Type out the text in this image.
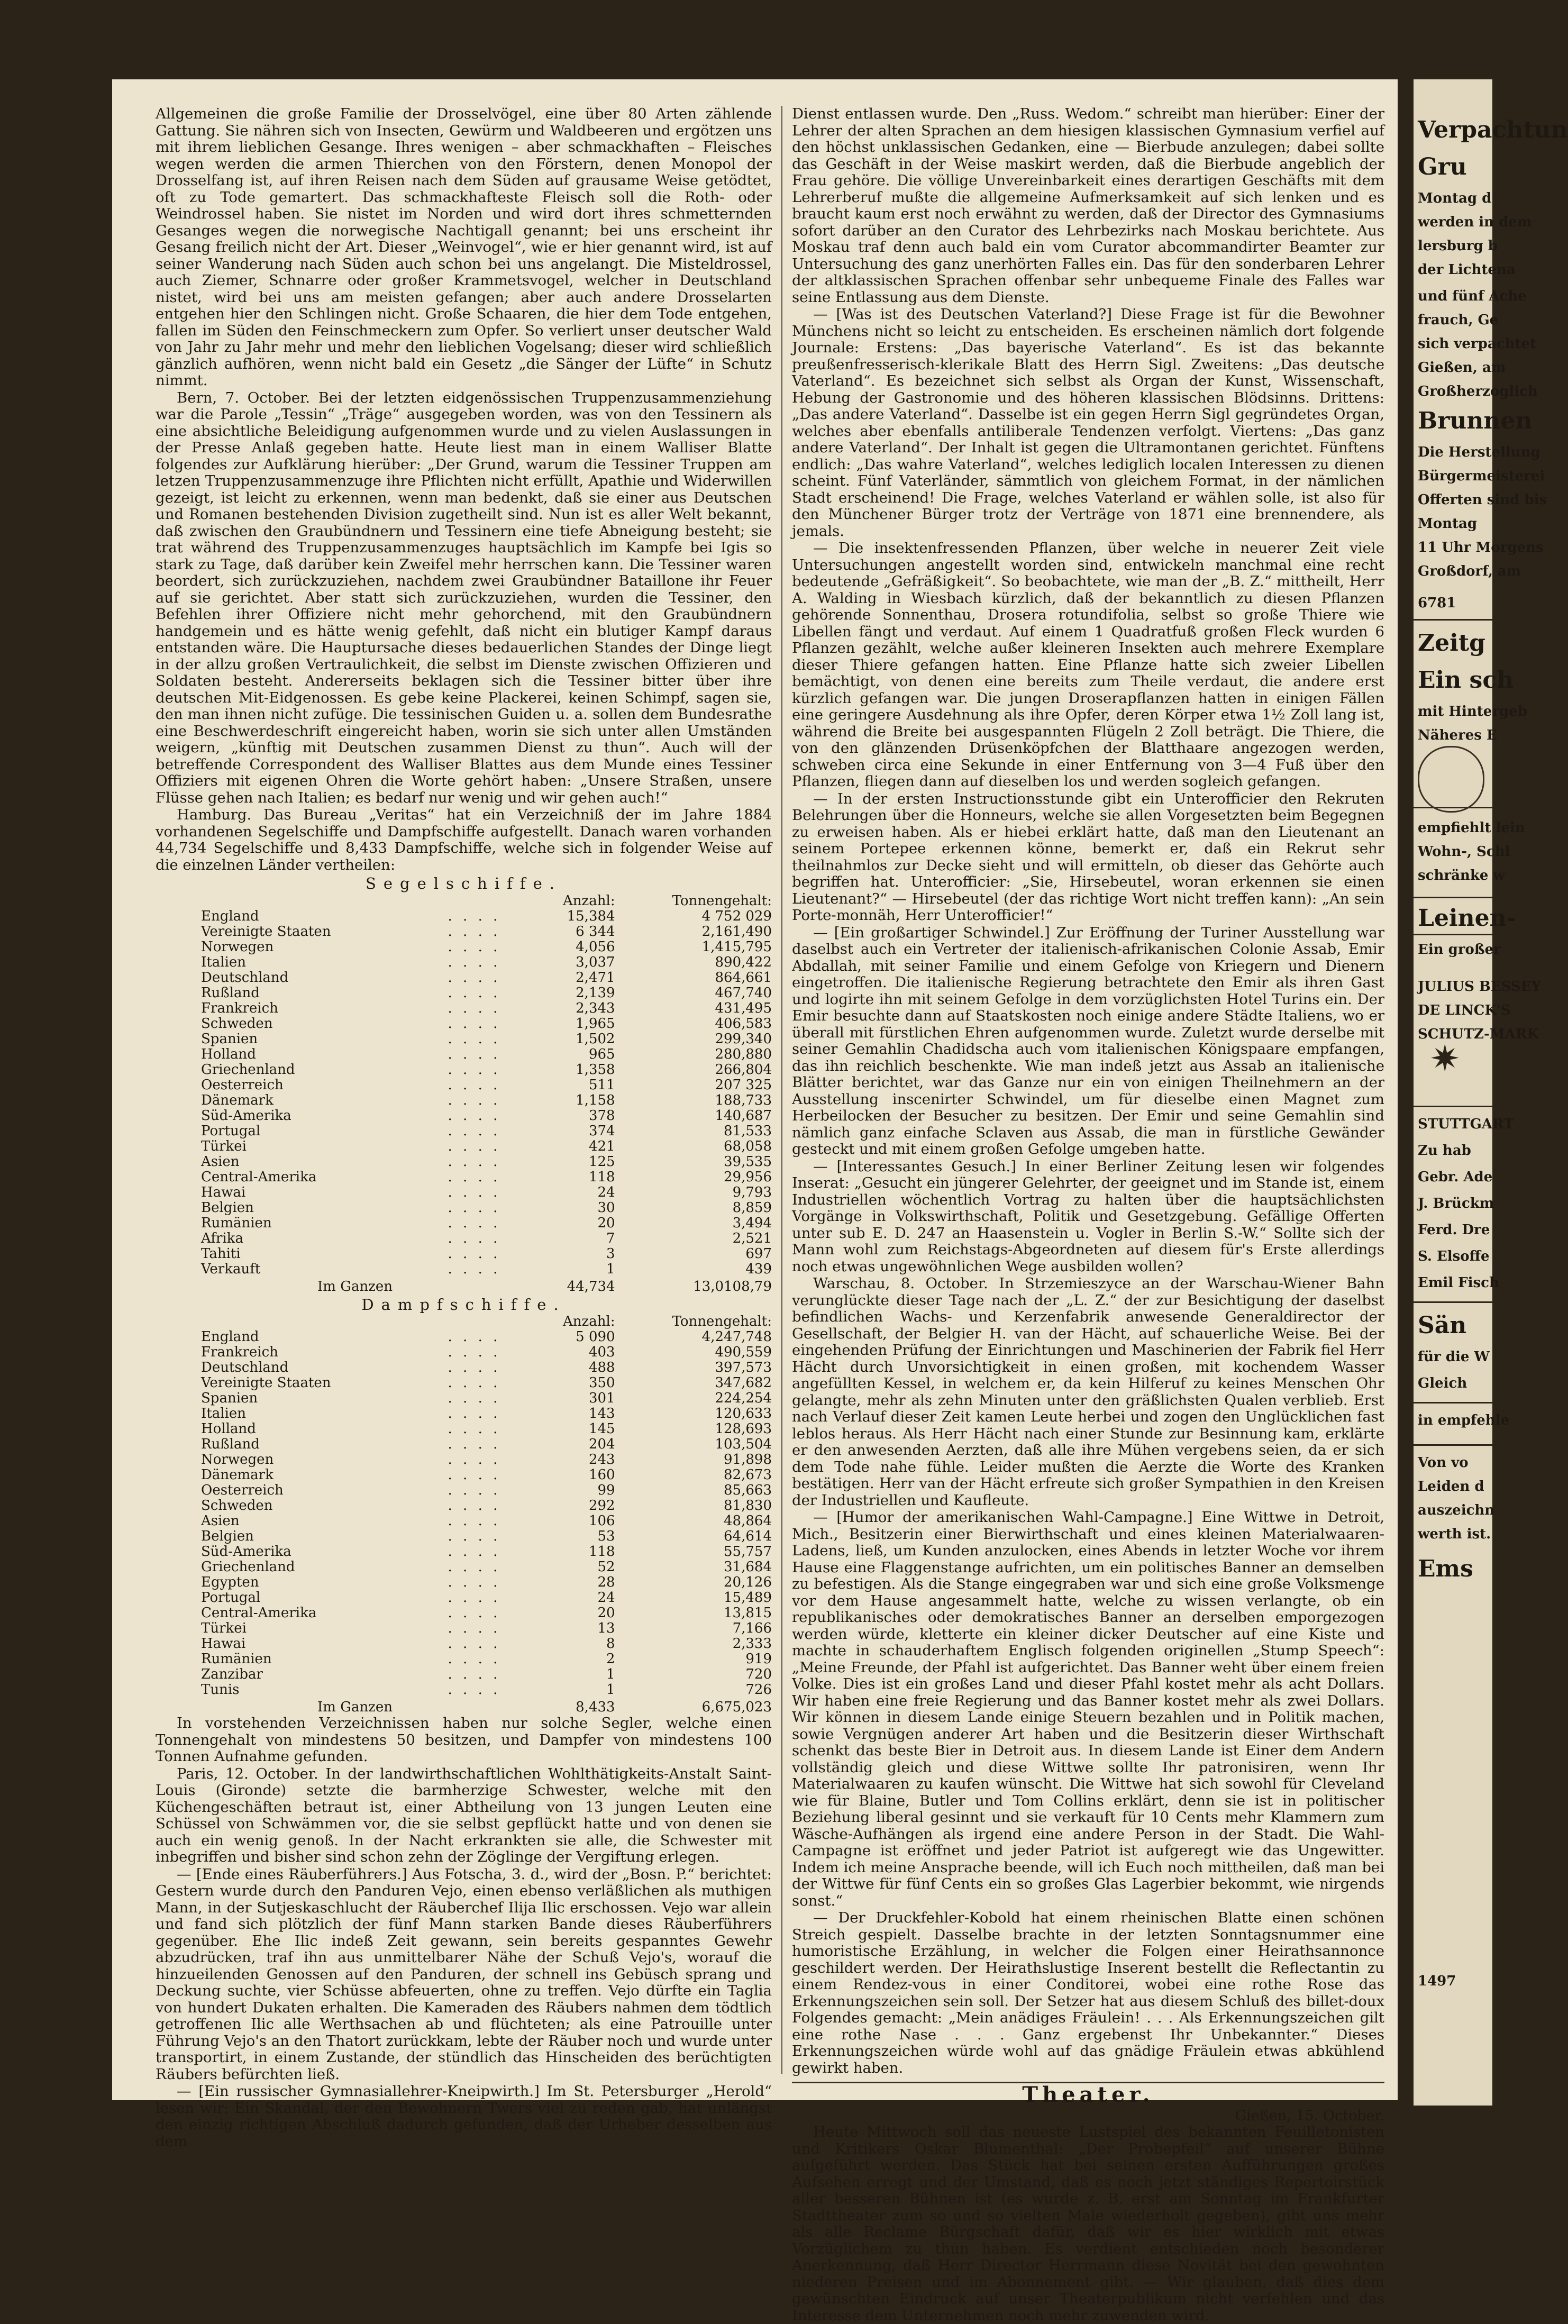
Allgemeinen die große Familie der Drosselvögel, eine über 80 Arten zählende Gattung. Sie nähren sich von Insecten, Gewürm und Waldbeeren und ergötzen uns mit ihrem lieblichen Gesange. Ihres wenigen – aber schmackhaften – Fleisches wegen werden die armen Thierchen von den Förstern, denen Monopol der Drosselfang ist, auf ihren Reisen nach dem Süden auf grausame Weise getödtet, oft zu Tode gemartert. Das schmackhafteste Fleisch soll die Roth- oder Weindrossel haben. Sie nistet im Norden und wird dort ihres schmetternden Gesanges wegen die norwegische Nachtigall genannt; bei uns erscheint ihr Gesang freilich nicht der Art. Dieser „Weinvogel“, wie er hier genannt wird, ist auf seiner Wanderung nach Süden auch schon bei uns angelangt. Die Misteldrossel, auch Ziemer, Schnarre oder großer Krammetsvogel, welcher in Deutschland nistet, wird bei uns am meisten gefangen; aber auch andere Drosselarten entgehen hier den Schlingen nicht. Große Schaaren, die hier dem Tode entgehen, fallen im Süden den Feinschmeckern zum Opfer. So verliert unser deutscher Wald von Jahr zu Jahr mehr und mehr den lieblichen Vogelsang; dieser wird schließlich gänzlich aufhören, wenn nicht bald ein Gesetz „die Sänger der Lüfte“ in Schutz nimmt.

Bern, 7. October. Bei der letzten eidgenössischen Truppenzusammenziehung war die Parole „Tessin“ „Träge“ ausgegeben worden, was von den Tessinern als eine absichtliche Beleidigung aufgenommen wurde und zu vielen Auslassungen in der Presse Anlaß gegeben hatte. Heute liest man in einem Walliser Blatte folgendes zur Aufklärung hierüber: „Der Grund, warum die Tessiner Truppen am letzen Truppenzusammenzuge ihre Pflichten nicht erfüllt, Apathie und Widerwillen gezeigt, ist leicht zu erkennen, wenn man bedenkt, daß sie einer aus Deutschen und Romanen bestehenden Division zugetheilt sind. Nun ist es aller Welt bekannt, daß zwischen den Graubündnern und Tessinern eine tiefe Abneigung besteht; sie trat während des Truppenzusammenzuges hauptsächlich im Kampfe bei Igis so stark zu Tage, daß darüber kein Zweifel mehr herrschen kann. Die Tessiner waren beordert, sich zurückzuziehen, nachdem zwei Graubündner Bataillone ihr Feuer auf sie gerichtet. Aber statt sich zurückzuziehen, wurden die Tessiner, den Befehlen ihrer Offiziere nicht mehr gehorchend, mit den Graubündnern handgemein und es hätte wenig gefehlt, daß nicht ein blutiger Kampf daraus entstanden wäre. Die Hauptursache dieses bedauerlichen Standes der Dinge liegt in der allzu großen Vertraulichkeit, die selbst im Dienste zwischen Offizieren und Soldaten besteht. Andererseits beklagen sich die Tessiner bitter über ihre deutschen Mit-Eidgenossen. Es gebe keine Plackerei, keinen Schimpf, sagen sie, den man ihnen nicht zufüge. Die tessinischen Guiden u. a. sollen dem Bundesrathe eine Beschwerdeschrift eingereicht haben, worin sie sich unter allen Umständen weigern, „künftig mit Deutschen zusammen Dienst zu thun“. Auch will der betreffende Correspondent des Walliser Blattes aus dem Munde eines Tessiner Offiziers mit eigenen Ohren die Worte gehört haben: „Unsere Straßen, unsere Flüsse gehen nach Italien; es bedarf nur wenig und wir gehen auch!“

Hamburg. Das Bureau „Veritas“ hat ein Verzeichniß der im Jahre 1884 vorhandenen Segelschiffe und Dampfschiffe aufgestellt. Danach waren vorhanden 44,734 Segelschiffe und 8,433 Dampfschiffe, welche sich in folgender Weise auf die einzelnen Länder vertheilen:

Segelschiffe.
		Anzahl:	Tonnengehalt:
England	. . . .	15,384	4 752 029
Vereinigte Staaten	. . . .	6 344	2,161,490
Norwegen	. . . .	4,056	1,415,795
Italien	. . . .	3,037	890,422
Deutschland	. . . .	2,471	864,661
Rußland	. . . .	2,139	467,740
Frankreich	. . . .	2,343	431,495
Schweden	. . . .	1,965	406,583
Spanien	. . . .	1,502	299,340
Holland	. . . .	965	280,880
Griechenland	. . . .	1,358	266,804
Oesterreich	. . . .	511	207 325
Dänemark	. . . .	1,158	188,733
Süd-Amerika	. . . .	378	140,687
Portugal	. . . .	374	81,533
Türkei	. . . .	421	68,058
Asien	. . . .	125	39,535
Central-Amerika	. . . .	118	29,956
Hawai	. . . .	24	9,793
Belgien	. . . .	30	8,859
Rumänien	. . . .	20	3,494
Afrika	. . . .	7	2,521
Tahiti	. . . .	3	697
Verkauft	. . . .	1	439
Im Ganzen		44,734	13,0108,79
Dampfschiffe.
		Anzahl:	Tonnengehalt:
England	. . . .	5 090	4,247,748
Frankreich	. . . .	403	490,559
Deutschland	. . . .	488	397,573
Vereinigte Staaten	. . . .	350	347,682
Spanien	. . . .	301	224,254
Italien	. . . .	143	120,633
Holland	. . . .	145	128,693
Rußland	. . . .	204	103,504
Norwegen	. . . .	243	91,898
Dänemark	. . . .	160	82,673
Oesterreich	. . . .	99	85,663
Schweden	. . . .	292	81,830
Asien	. . . .	106	48,864
Belgien	. . . .	53	64,614
Süd-Amerika	. . . .	118	55,757
Griechenland	. . . .	52	31,684
Egypten	. . . .	28	20,126
Portugal	. . . .	24	15,489
Central-Amerika	. . . .	20	13,815
Türkei	. . . .	13	7,166
Hawai	. . . .	8	2,333
Rumänien	. . . .	2	919
Zanzibar	. . . .	1	720
Tunis	. . . .	1	726
Im Ganzen		8,433	6,675,023

In vorstehenden Verzeichnissen haben nur solche Segler, welche einen Tonnengehalt von mindestens 50 besitzen, und Dampfer von mindestens 100 Tonnen Aufnahme gefunden.

Paris, 12. October. In der landwirthschaftlichen Wohlthätigkeits-Anstalt Saint-Louis (Gironde) setzte die barmherzige Schwester, welche mit den Küchengeschäften betraut ist, einer Abtheilung von 13 jungen Leuten eine Schüssel von Schwämmen vor, die sie selbst gepflückt hatte und von denen sie auch ein wenig genoß. In der Nacht erkrankten sie alle, die Schwester mit inbegriffen und bisher sind schon zehn der Zöglinge der Vergiftung erlegen.

— [Ende eines Räuberführers.] Aus Fotscha, 3. d., wird der „Bosn. P.“ berichtet: Gestern wurde durch den Panduren Vejo, einen ebenso verläßlichen als muthigen Mann, in der Sutjeskaschlucht der Räuberchef Ilija Ilic erschossen. Vejo war allein und fand sich plötzlich der fünf Mann starken Bande dieses Räuberführers gegenüber. Ehe Ilic indeß Zeit gewann, sein bereits gespanntes Gewehr abzudrücken, traf ihn aus unmittelbarer Nähe der Schuß Vejo's, worauf die hinzueilenden Genossen auf den Panduren, der schnell ins Gebüsch sprang und Deckung suchte, vier Schüsse abfeuerten, ohne zu treffen. Vejo dürfte ein Taglia von hundert Dukaten erhalten. Die Kameraden des Räubers nahmen dem tödtlich getroffenen Ilic alle Werthsachen ab und flüchteten; als eine Patrouille unter Führung Vejo's an den Thatort zurückkam, lebte der Räuber noch und wurde unter transportirt, in einem Zustande, der stündlich das Hinscheiden des berüchtigten Räubers befürchten ließ.

— [Ein russischer Gymnasiallehrer-Kneipwirth.] Im St. Petersburger „Herold“ lesen wir: Ein Skandal, der den Bewohnern Twers viel zu reden gab, hat unlängst den einzig richtigen Abschluß dadurch gefunden, daß der Urheber desselben aus dem

Dienst entlassen wurde. Den „Russ. Wedom.“ schreibt man hierüber: Einer der Lehrer der alten Sprachen an dem hiesigen klassischen Gymnasium verfiel auf den höchst unklassischen Gedanken, eine — Bierbude anzulegen; dabei sollte das Geschäft in der Weise maskirt werden, daß die Bierbude angeblich der Frau gehöre. Die völlige Unvereinbarkeit eines derartigen Geschäfts mit dem Lehrerberuf mußte die allgemeine Aufmerksamkeit auf sich lenken und es braucht kaum erst noch erwähnt zu werden, daß der Director des Gymnasiums sofort darüber an den Curator des Lehrbezirks nach Moskau berichtete. Aus Moskau traf denn auch bald ein vom Curator abcommandirter Beamter zur Untersuchung des ganz unerhörten Falles ein. Das für den sonderbaren Lehrer der altklassischen Sprachen offenbar sehr unbequeme Finale des Falles war seine Entlassung aus dem Dienste.

— [Was ist des Deutschen Vaterland?] Diese Frage ist für die Bewohner Münchens nicht so leicht zu entscheiden. Es erscheinen nämlich dort folgende Journale: Erstens: „Das bayerische Vaterland“. Es ist das bekannte preußenfresserisch-klerikale Blatt des Herrn Sigl. Zweitens: „Das deutsche Vaterland“. Es bezeichnet sich selbst als Organ der Kunst, Wissenschaft, Hebung der Gastronomie und des höheren klassischen Blödsinns. Drittens: „Das andere Vaterland“. Dasselbe ist ein gegen Herrn Sigl gegründetes Organ, welches aber ebenfalls antiliberale Tendenzen verfolgt. Viertens: „Das ganz andere Vaterland“. Der Inhalt ist gegen die Ultramontanen gerichtet. Fünftens endlich: „Das wahre Vaterland“, welches lediglich localen Interessen zu dienen scheint. Fünf Vaterländer, sämmtlich von gleichem Format, in der nämlichen Stadt erscheinend! Die Frage, welches Vaterland er wählen solle, ist also für den Münchener Bürger trotz der Verträge von 1871 eine brennendere, als jemals.

— Die insektenfressenden Pflanzen, über welche in neuerer Zeit viele Untersuchungen angestellt worden sind, entwickeln manchmal eine recht bedeutende „Gefräßigkeit“. So beobachtete, wie man der „B. Z.“ mittheilt, Herr A. Walding in Wiesbach kürzlich, daß der bekanntlich zu diesen Pflanzen gehörende Sonnenthau, Drosera rotundifolia, selbst so große Thiere wie Libellen fängt und verdaut. Auf einem 1 Quadratfuß großen Fleck wurden 6 Pflanzen gezählt, welche außer kleineren Insekten auch mehrere Exemplare dieser Thiere gefangen hatten. Eine Pflanze hatte sich zweier Libellen bemächtigt, von denen eine bereits zum Theile verdaut, die andere erst kürzlich gefangen war. Die jungen Droserapflanzen hatten in einigen Fällen eine geringere Ausdehnung als ihre Opfer, deren Körper etwa 1½ Zoll lang ist, während die Breite bei ausgespannten Flügeln 2 Zoll beträgt. Die Thiere, die von den glänzenden Drüsenköpfchen der Blatthaare angezogen werden, schweben circa eine Sekunde in einer Entfernung von 3—4 Fuß über den Pflanzen, fliegen dann auf dieselben los und werden sogleich gefangen.

— In der ersten Instructionsstunde gibt ein Unterofficier den Rekruten Belehrungen über die Honneurs, welche sie allen Vorgesetzten beim Begegnen zu erweisen haben. Als er hiebei erklärt hatte, daß man den Lieutenant an seinem Portepee erkennen könne, bemerkt er, daß ein Rekrut sehr theilnahmlos zur Decke sieht und will ermitteln, ob dieser das Gehörte auch begriffen hat. Unterofficier: „Sie, Hirsebeutel, woran erkennen sie einen Lieutenant?“ — Hirsebeutel (der das richtige Wort nicht treffen kann): „An sein Porte-monnäh, Herr Unterofficier!“

— [Ein großartiger Schwindel.] Zur Eröffnung der Turiner Ausstellung war daselbst auch ein Vertreter der italienisch-afrikanischen Colonie Assab, Emir Abdallah, mit seiner Familie und einem Gefolge von Kriegern und Dienern eingetroffen. Die italienische Regierung betrachtete den Emir als ihren Gast und logirte ihn mit seinem Gefolge in dem vorzüglichsten Hotel Turins ein. Der Emir besuchte dann auf Staatskosten noch einige andere Städte Italiens, wo er überall mit fürstlichen Ehren aufgenommen wurde. Zuletzt wurde derselbe mit seiner Gemahlin Chadidscha auch vom italienischen Königspaare empfangen, das ihn reichlich beschenkte. Wie man indeß jetzt aus Assab an italienische Blätter berichtet, war das Ganze nur ein von einigen Theilnehmern an der Ausstellung inscenirter Schwindel, um für dieselbe einen Magnet zum Herbeilocken der Besucher zu besitzen. Der Emir und seine Gemahlin sind nämlich ganz einfache Sclaven aus Assab, die man in fürstliche Gewänder gesteckt und mit einem großen Gefolge umgeben hatte.

— [Interessantes Gesuch.] In einer Berliner Zeitung lesen wir folgendes Inserat: „Gesucht ein jüngerer Gelehrter, der geeignet und im Stande ist, einem Industriellen wöchentlich Vortrag zu halten über die hauptsächlichsten Vorgänge in Volkswirthschaft, Politik und Gesetzgebung. Gefällige Offerten unter sub E. D. 247 an Haasenstein u. Vogler in Berlin S.-W.“ Sollte sich der Mann wohl zum Reichstags-Abgeordneten auf diesem für's Erste allerdings noch etwas ungewöhnlichen Wege ausbilden wollen?

Warschau, 8. October. In Strzemieszyce an der Warschau-Wiener Bahn verunglückte dieser Tage nach der „L. Z.“ der zur Besichtigung der daselbst befindlichen Wachs- und Kerzenfabrik anwesende Generaldirector der Gesellschaft, der Belgier H. van der Hächt, auf schauerliche Weise. Bei der eingehenden Prüfung der Einrichtungen und Maschinerien der Fabrik fiel Herr Hächt durch Unvorsichtigkeit in einen großen, mit kochendem Wasser angefüllten Kessel, in welchem er, da kein Hilferuf zu keines Menschen Ohr gelangte, mehr als zehn Minuten unter den gräßlichsten Qualen verblieb. Erst nach Verlauf dieser Zeit kamen Leute herbei und zogen den Unglücklichen fast leblos heraus. Als Herr Hächt nach einer Stunde zur Besinnung kam, erklärte er den anwesenden Aerzten, daß alle ihre Mühen vergebens seien, da er sich dem Tode nahe fühle. Leider mußten die Aerzte die Worte des Kranken bestätigen. Herr van der Hächt erfreute sich großer Sympathien in den Kreisen der Industriellen und Kaufleute.

— [Humor der amerikanischen Wahl-Campagne.] Eine Wittwe in Detroit, Mich., Besitzerin einer Bierwirthschaft und eines kleinen Materialwaaren-Ladens, ließ, um Kunden anzulocken, eines Abends in letzter Woche vor ihrem Hause eine Flaggenstange aufrichten, um ein politisches Banner an demselben zu befestigen. Als die Stange eingegraben war und sich eine große Volksmenge vor dem Hause angesammelt hatte, welche zu wissen verlangte, ob ein republikanisches oder demokratisches Banner an derselben emporgezogen werden würde, kletterte ein kleiner dicker Deutscher auf eine Kiste und machte in schauderhaftem Englisch folgenden originellen „Stump Speech“: „Meine Freunde, der Pfahl ist aufgerichtet. Das Banner weht über einem freien Volke. Dies ist ein großes Land und dieser Pfahl kostet mehr als acht Dollars. Wir haben eine freie Regierung und das Banner kostet mehr als zwei Dollars. Wir können in diesem Lande einige Steuern bezahlen und in Politik machen, sowie Vergnügen anderer Art haben und die Besitzerin dieser Wirthschaft schenkt das beste Bier in Detroit aus. In diesem Lande ist Einer dem Andern vollständig gleich und diese Wittwe sollte Ihr patronisiren, wenn Ihr Materialwaaren zu kaufen wünscht. Die Wittwe hat sich sowohl für Cleveland wie für Blaine, Butler und Tom Collins erklärt, denn sie ist in politischer Beziehung liberal gesinnt und sie verkauft für 10 Cents mehr Klammern zum Wäsche-Aufhängen als irgend eine andere Person in der Stadt. Die Wahl-Campagne ist eröffnet und jeder Patriot ist aufgeregt wie das Ungewitter. Indem ich meine Ansprache beende, will ich Euch noch mittheilen, daß man bei der Wittwe für fünf Cents ein so großes Glas Lagerbier bekommt, wie nirgends sonst.“

— Der Druckfehler-Kobold hat einem rheinischen Blatte einen schönen Streich gespielt. Dasselbe brachte in der letzten Sonntagsnummer eine humoristische Erzählung, in welcher die Folgen einer Heirathsannonce geschildert werden. Der Heirathslustige Inserent bestellt die Reflectantin zu einem Rendez-vous in einer Conditorei, wobei eine rothe Rose das Erkennungszeichen sein soll. Der Setzer hat aus diesem Schluß des billet-doux Folgendes gemacht: „Mein anädiges Fräulein! . . . Als Erkennungszeichen gilt eine rothe Nase . . . Ganz ergebenst Ihr Unbekannter.“ Dieses Erkennungszeichen würde wohl auf das gnädige Fräulein etwas abkühlend gewirkt haben.

Theater.
Gießen, 15. October.

Heute Mittwoch soll das neueste Lustspiel des bekannten Feuilletonisten und Kritikers Oskar Blumenthal: „Der Probepfeil“ auf unserer Bühne aufgeführt werden. Das Stück hat bei seinen ersten Aufführungen großes Aufsehen erregt und der Umstand, daß es noch jetzt ständiges Repertoirstück aller besseren Bühnen ist (es wurde z. B. erst am Sonntag im Frankfurter Stadttheater zum so und so vielten Male wiederholt gegeben), gibt uns mehr als alle Reclame Bürgschaft dafür, daß wir es hier wirklich mit etwas Vorzüglichem zu thun haben. Es verdient entschieden noch besonderer Anerkennung, daß Herr Director Herrmann diese Novität bei den gewohnten niederen Preisen und im Abonnement gibt. — Wir glauben, daß dies dem gewünschten Eindruck auf unser Theaterpublikum nicht verfehlen und das Interesse dem Unternehmen noch mehr zuwenden wird.

Verpachtun
Gru
Montag d
werden in dem
lersburg b
der Lichtena
und fünf Ache
frauch, Ge
sich verpachtet
Gießen, am
Großherzoglich
Brunnen
Die Herstellung
Bürgermeisterei
Offerten sind bis
Montag
11 Uhr Morgens
Großdorf, am
6781
Zeitg
Ein sch
mit Hintergeb
Näheres E
empfiehlt lein
Wohn-, Schl
schränke w
Leinen-
Ein großer
JULIUS BESSEY
DE LINCK'S
SCHUTZ-MARK
STUTTGART
Zu hab
Gebr. Ade
J. Brückm
Ferd. Dre
S. Elsoffe
Emil Fisch
Sän
für die W
Gleich
in empfehle
Von vo
Leiden d
auszeichn
werth ist.
Ems
1497
✷
